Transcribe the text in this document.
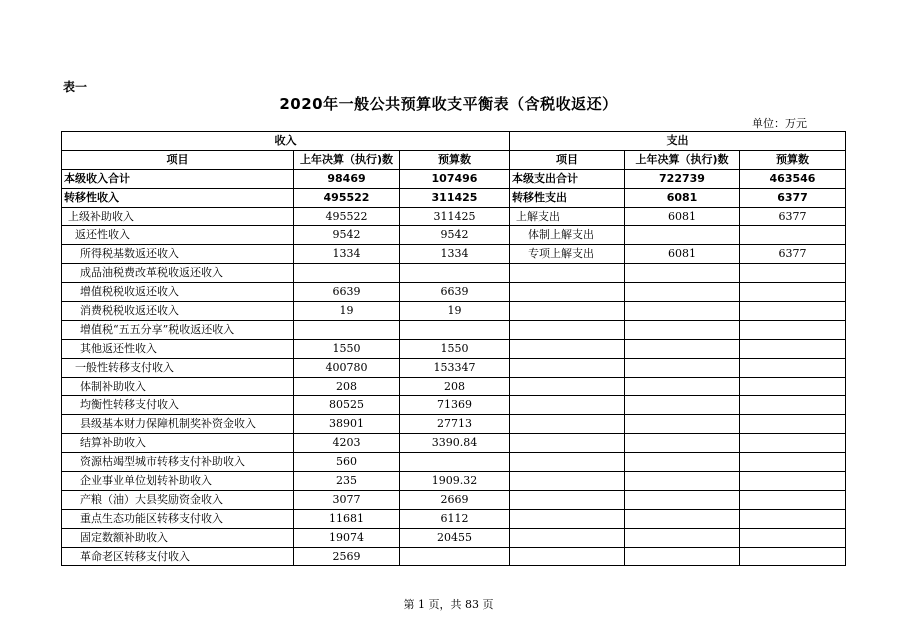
表一
2020年一般公共预算收支平衡表（含税收返还）
单位：万元
收入			支出		
项目	上年决算（执行)数	预算数	项目	上年决算（执行)数	预算数
本级收入合计	98469	107496	本级支出合计	722739	463546
转移性收入	495522	311425	转移性支出	6081	6377
上级补助收入	495522	311425	上解支出	6081	6377
返还性收入	9542	9542	体制上解支出		
所得税基数返还收入	1334	1334	专项上解支出	6081	6377
成品油税费改革税收返还收入					
增值税税收返还收入	6639	6639			
消费税税收返还收入	19	19			
增值税“五五分享”税收返还收入					
其他返还性收入	1550	1550			
一般性转移支付收入	400780	153347			
体制补助收入	208	208			
均衡性转移支付收入	80525	71369			
县级基本财力保障机制奖补资金收入	38901	27713			
结算补助收入	4203	3390.84			
资源枯竭型城市转移支付补助收入	560				
企业事业单位划转补助收入	235	1909.32			
产粮（油）大县奖励资金收入	3077	2669			
重点生态功能区转移支付收入	11681	6112			
固定数额补助收入	19074	20455			
革命老区转移支付收入	2569				
第 1 页，共 83 页
